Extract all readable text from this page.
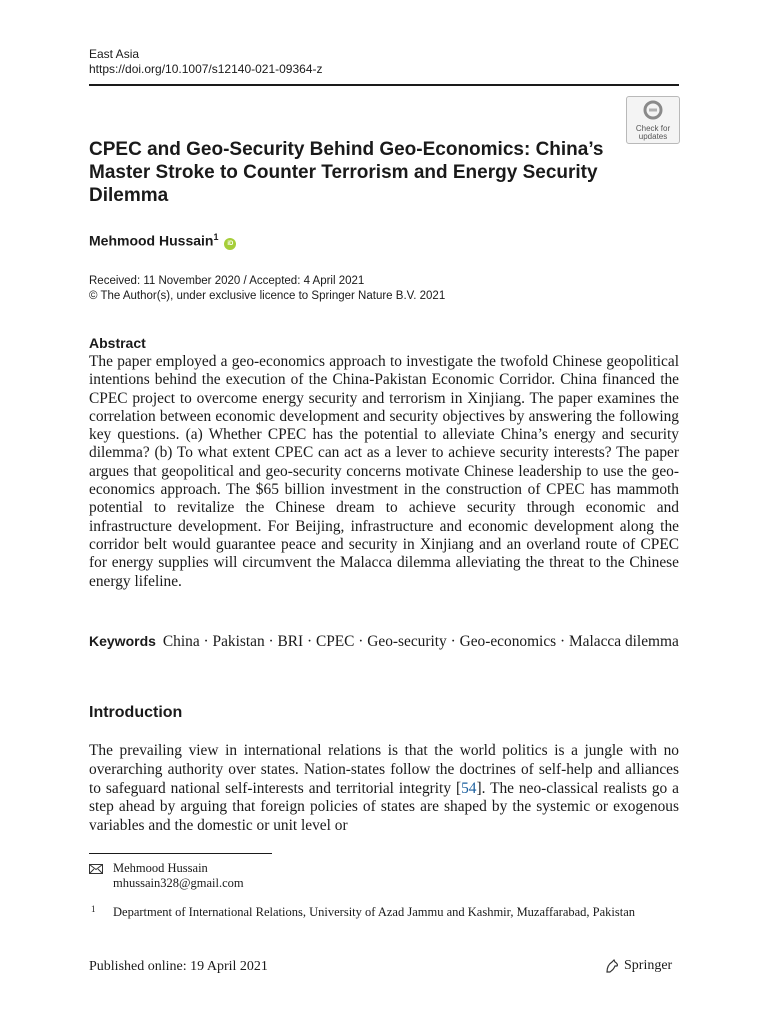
East Asia
https://doi.org/10.1007/s12140-021-09364-z
Check for
updates
CPEC and Geo-Security Behind Geo-Economics: China’s Master Stroke to Counter Terrorism and Energy Security Dilemma
Mehmood Hussain$^1$ iD
Received: 11 November 2020 / Accepted: 4 April 2021
© The Author(s), under exclusive licence to Springer Nature B.V. 2021
Abstract
The paper employed a geo-economics approach to investigate the twofold Chinese geopolitical intentions behind the execution of the China-Pakistan Economic Corridor. China financed the CPEC project to overcome energy security and terrorism in Xinjiang. The paper examines the correlation between economic development and security objectives by answering the following key questions. (a) Whether CPEC has the potential to alleviate China’s energy and security dilemma? (b) To what extent CPEC can act as a lever to achieve security interests? The paper argues that geopolitical and geo-security concerns motivate Chinese leadership to use the geo-economics approach. The $65 billion investment in the construction of CPEC has mammoth potential to revitalize the Chinese dream to achieve security through economic and infrastructure development. For Beijing, infrastructure and economic development along the corridor belt would guarantee peace and security in Xinjiang and an overland route of CPEC for energy supplies will circumvent the Malacca dilemma alleviating the threat to the Chinese energy lifeline.
Keywords China · Pakistan · BRI · CPEC · Geo-security · Geo-economics · Malacca dilemma
Introduction
The prevailing view in international relations is that the world politics is a jungle with no overarching authority over states. Nation-states follow the doctrines of self-help and alliances to safeguard national self-interests and territorial integrity [54]. The neo-classical realists go a step ahead by arguing that foreign policies of states are shaped by the systemic or exogenous variables and the domestic or unit level or
Mehmood Hussain
mhussain328@gmail.com
1 Department of International Relations, University of Azad Jammu and Kashmir, Muzaffarabad, Pakistan
Published online: 19 April 2021	Springer
